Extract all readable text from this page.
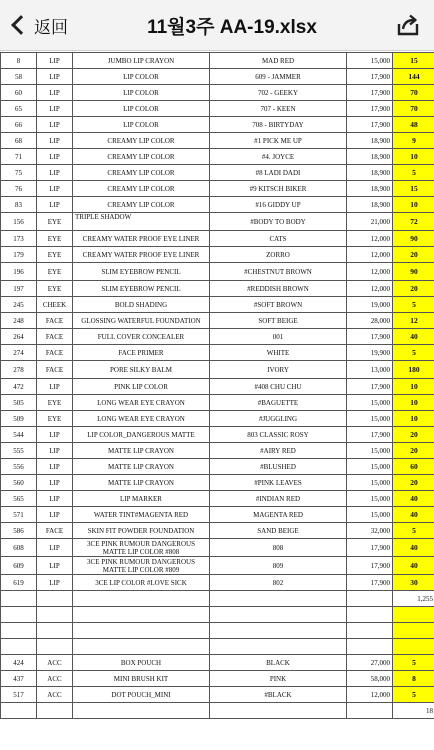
返回	11월3주 AA-19.xlsx
8	LIP	JUMBO LIP CRAYON	MAD RED	15,000	15
58	LIP	LIP COLOR	609 - JAMMER	17,900	144
60	LIP	LIP COLOR	702 - GEEKY	17,900	70
65	LIP	LIP COLOR	707 - KEEN	17,900	70
66	LIP	LIP COLOR	708 - BIRTYDAY	17,900	48
68	LIP	CREAMY LIP COLOR	#1 PICK ME UP	18,900	9
71	LIP	CREAMY LIP COLOR	#4. JOYCE	18,900	10
75	LIP	CREAMY LIP COLOR	#8 LADI DADI	18,900	5
76	LIP	CREAMY LIP COLOR	#9 KITSCH BIKER	18,900	15
83	LIP	CREAMY LIP COLOR	#16 GIDDY UP	18,900	10
156	EYE	TRIPLE SHADOW	#BODY TO BODY	21,000	72
173	EYE	CREAMY WATER PROOF EYE LINER	CATS	12,000	90
179	EYE	CREAMY WATER PROOF EYE LINER	ZORRO	12,000	20
196	EYE	SLIM EYEBROW PENCIL	#CHESTNUT BROWN	12,000	90
197	EYE	SLIM EYEBROW PENCIL	#REDDISH BROWN	12,000	20
245	CHEEK	BOLD SHADING	#SOFT BROWN	19,000	5
248	FACE	GLOSSING WATERFUL FOUNDATION	SOFT BEIGE	28,000	12
264	FACE	FULL COVER CONCEALER	001	17,900	40
274	FACE	FACE PRIMER	WHITE	19,900	5
278	FACE	PORE SILKY BALM	IVORY	13,000	180
472	LIP	PINK LIP COLOR	#408 CHU CHU	17,900	10
505	EYE	LONG WEAR EYE CRAYON	#BAGUETTE	15,000	10
509	EYE	LONG WEAR EYE CRAYON	#JUGGLING	15,000	10
544	LIP	LIP COLOR_DANGEROUS MATTE	803 CLASSIC ROSY	17,900	20
555	LIP	MATTE LIP CRAYON	#AIRY RED	15,000	20
556	LIP	MATTE LIP CRAYON	#BLUSHED	15,000	60
560	LIP	MATTE LIP CRAYON	#PINK LEAVES	15,000	20
565	LIP	LIP MARKER	#INDIAN RED	15,000	40
571	LIP	WATER TINT#MAGENTA RED	MAGENTA RED	15,000	40
586	FACE	SKIN FIT POWDER FOUNDATION	SAND BEIGE	32,000	5
608	LIP	3CE PINK RUMOUR DANGEROUS MATTE LIP COLOR #808	808	17,900	40
609	LIP	3CE PINK RUMOUR DANGEROUS MATTE LIP COLOR #809	809	17,900	40
619	LIP	3CE LIP COLOR #LOVE SICK	802	17,900	30
					1,255

424	ACC	BOX POUCH	BLACK	27,000	5
437	ACC	MINI BRUSH KIT	PINK	58,000	8
517	ACC	DOT POUCH_MINI	#BLACK	12,000	5
					18
